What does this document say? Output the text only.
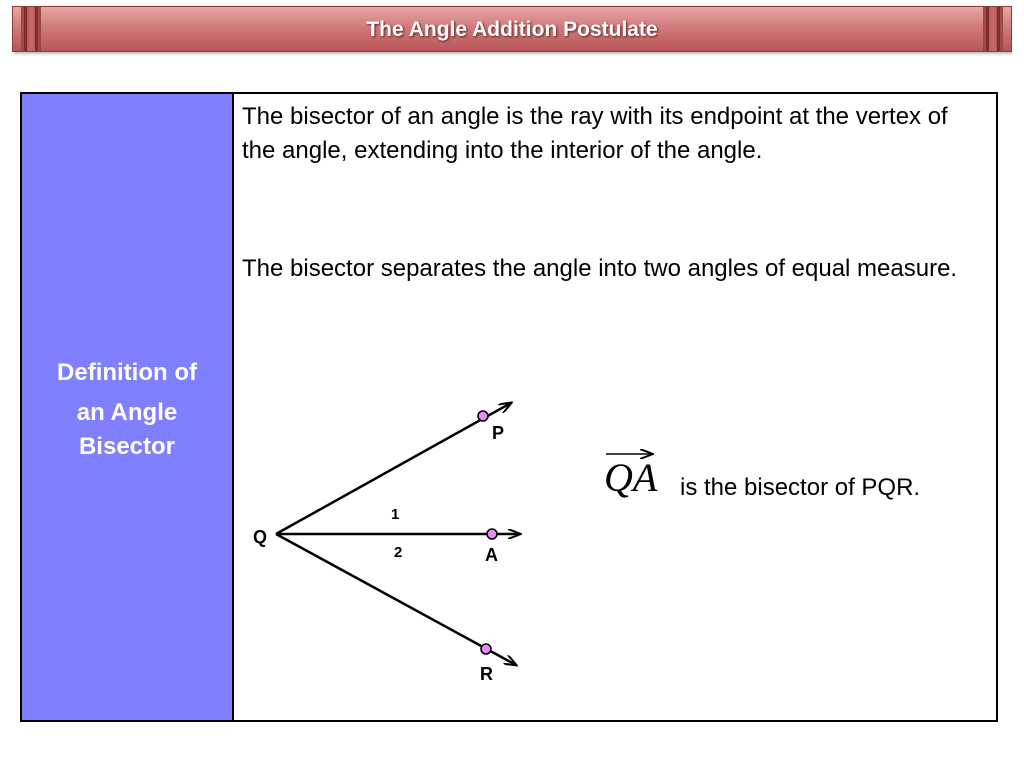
The Angle Addition Postulate
Definition of
an Angle
Bisector

The bisector of an angle is the ray with its endpoint at the vertex of the angle, extending into the interior of the angle.

The bisector separates the angle into two angles of equal measure.

Q
P
A
R
1
2
QA is the bisector of PQR.
